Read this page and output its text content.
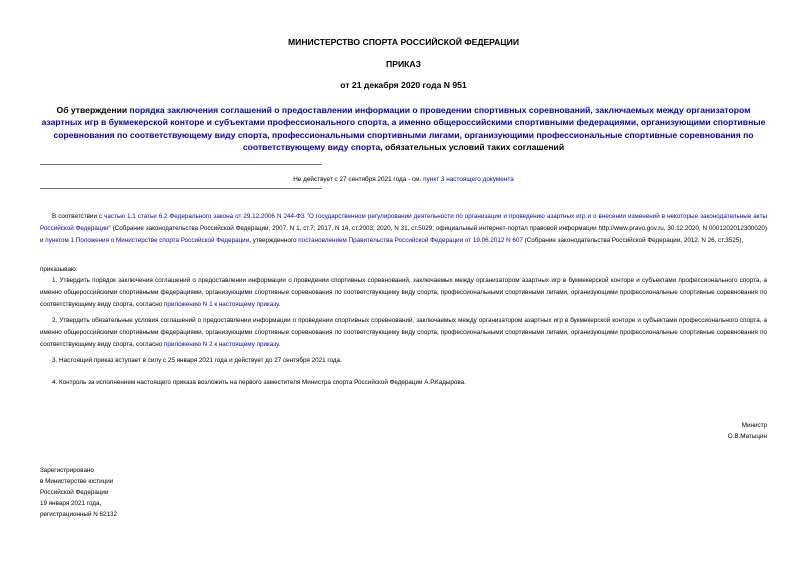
МИНИСТЕРСТВО СПОРТА РОССИЙСКОЙ ФЕДЕРАЦИИ
ПРИКАЗ
от 21 декабря 2020 года N 951
Об утверждении порядка заключения соглашений о предоставлении информации о проведении спортивных соревнований, заключаемых между организатором азартных игр в букмекерской конторе и субъектами профессионального спорта, а именно общероссийскими спортивными федерациями, организующими спортивные соревнования по соответствующему виду спорта, профессиональными спортивными лигами, организующими профессиональные спортивные соревнования по соответствующему виду спорта, обязательных условий таких соглашений
Не действует с 27 сентября 2021 года - см. пункт 3 настоящего документа
В соответствии с частью 1.1 статьи 6.2 Федерального закона от 29.12.2006 N 244-ФЗ "О государственном регулировании деятельности по организации и проведению азартных игр и о внесении изменений в некоторые законодательные акты Российской Федерации" (Собрание законодательства Российской Федерации, 2007, N 1, ст.7; 2017, N 14, ст.2003; 2020, N 31, ст.5029; официальный интернет-портал правовой информации http://www.pravo.gov.ru, 30.12.2020, N 0001202012300020) и пунктом 1 Положения о Министерстве спорта Российской Федерации, утвержденного постановлением Правительства Российской Федерации от 19.06.2012 N 607 (Собрание законодательства Российской Федерации, 2012, N 26, ст.3525),
приказываю:
1. Утвердить порядок заключения соглашений о предоставлении информации о проведении спортивных соревнований, заключаемых между организатором азартных игр в букмекерской конторе и субъектами профессионального спорта, а именно общероссийскими спортивными федерациями, организующими спортивные соревнования по соответствующему виду спорта, профессиональными спортивными лигами, организующими профессиональные спортивные соревнования по соответствующему виду спорта, согласно приложению N 1 к настоящему приказу.
2. Утвердить обязательные условия соглашений о предоставлении информации о проведении спортивных соревнований, заключаемых между организатором азартных игр в букмекерской конторе и субъектами профессионального спорта, а именно общероссийскими спортивными федерациями, организующими спортивные соревнования по соответствующему виду спорта, профессиональными спортивными лигами, организующими профессиональные спортивные соревнования по соответствующему виду спорта, согласно приложению N 2 к настоящему приказу.
3. Настоящий приказ вступает в силу с 25 января 2021 года и действует до 27 сентября 2021 года.
4. Контроль за исполнением настоящего приказа возложить на первого заместителя Министра спорта Российской Федерации А.Р.Кадырова.
Министр
О.В.Матыцин
Зарегистрировано
в Министерстве юстиции
Российской Федерации
19 января 2021 года,
регистрационный N 62132
